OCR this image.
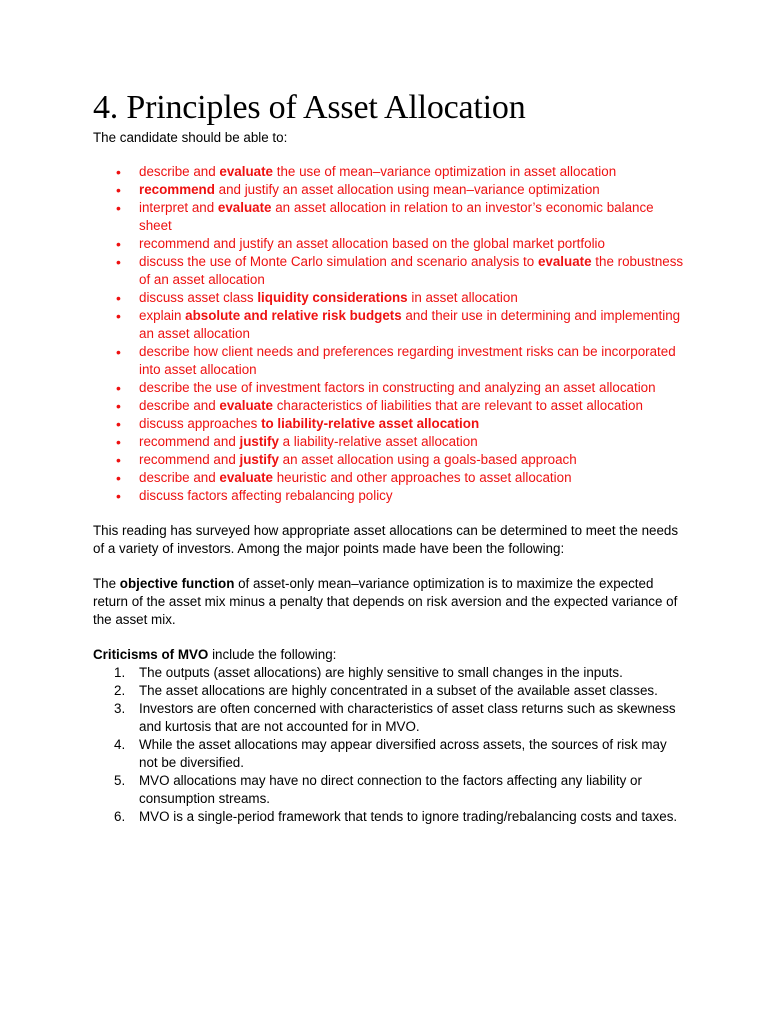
4. Principles of Asset Allocation
The candidate should be able to:
• describe and evaluate the use of mean–variance optimization in asset allocation
• recommend and justify an asset allocation using mean–variance optimization
• interpret and evaluate an asset allocation in relation to an investor’s economic balance sheet
• recommend and justify an asset allocation based on the global market portfolio
• discuss the use of Monte Carlo simulation and scenario analysis to evaluate the robustness of an asset allocation
• discuss asset class liquidity considerations in asset allocation
• explain absolute and relative risk budgets and their use in determining and implementing an asset allocation
• describe how client needs and preferences regarding investment risks can be incorporated into asset allocation
• describe the use of investment factors in constructing and analyzing an asset allocation
• describe and evaluate characteristics of liabilities that are relevant to asset allocation
• discuss approaches to liability-relative asset allocation
• recommend and justify a liability-relative asset allocation
• recommend and justify an asset allocation using a goals-based approach
• describe and evaluate heuristic and other approaches to asset allocation
• discuss factors affecting rebalancing policy

This reading has surveyed how appropriate asset allocations can be determined to meet the needs of a variety of investors. Among the major points made have been the following:

The objective function of asset-only mean–variance optimization is to maximize the expected return of the asset mix minus a penalty that depends on risk aversion and the expected variance of the asset mix.

Criticisms of MVO include the following:

1. The outputs (asset allocations) are highly sensitive to small changes in the inputs.
2. The asset allocations are highly concentrated in a subset of the available asset classes.
3. Investors are often concerned with characteristics of asset class returns such as skewness and kurtosis that are not accounted for in MVO.
4. While the asset allocations may appear diversified across assets, the sources of risk may not be diversified.
5. MVO allocations may have no direct connection to the factors affecting any liability or consumption streams.
6. MVO is a single-period framework that tends to ignore trading/rebalancing costs and taxes.
